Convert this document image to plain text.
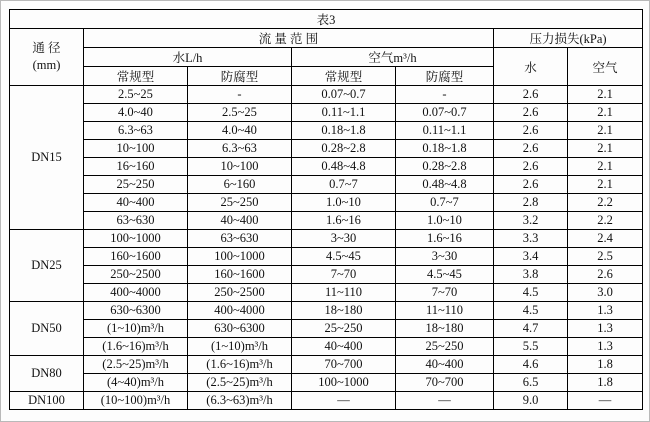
表3						

通 径
(mm)	流 量 范 围				压力损失(kPa)	
	水L/h		空气m³/h		水	空气
	常规型	防腐型	常规型	防腐型		
DN15	2.5~25	-	0.07~0.7	-	2.6	2.1
	4.0~40	2.5~25	0.11~1.1	0.07~0.7	2.6	2.1
	6.3~63	4.0~40	0.18~1.8	0.11~1.1	2.6	2.1
	10~100	6.3~63	0.28~2.8	0.18~1.8	2.6	2.1
	16~160	10~100	0.48~4.8	0.28~2.8	2.6	2.1
	25~250	6~160	0.7~7	0.48~4.8	2.6	2.1
	40~400	25~250	1.0~10	0.7~7	2.8	2.2
	63~630	40~400	1.6~16	1.0~10	3.2	2.2
DN25	100~1000	63~630	3~30	1.6~16	3.3	2.4
	160~1600	100~1000	4.5~45	3~30	3.4	2.5
	250~2500	160~1600	7~70	4.5~45	3.8	2.6
	400~4000	250~2500	11~110	7~70	4.5	3.0
DN50	630~6300	400~4000	18~180	11~110	4.5	1.3
	(1~10)m³/h	630~6300	25~250	18~180	4.7	1.3
	(1.6~16)m³/h	(1~10)m³/h	40~400	25~250	5.5	1.3
DN80	(2.5~25)m³/h	(1.6~16)m³/h	70~700	40~400	4.6	1.8
	(4~40)m³/h	(2.5~25)m³/h	100~1000	70~700	6.5	1.8
DN100	(10~100)m³/h	(6.3~63)m³/h	—	—	9.0	—
